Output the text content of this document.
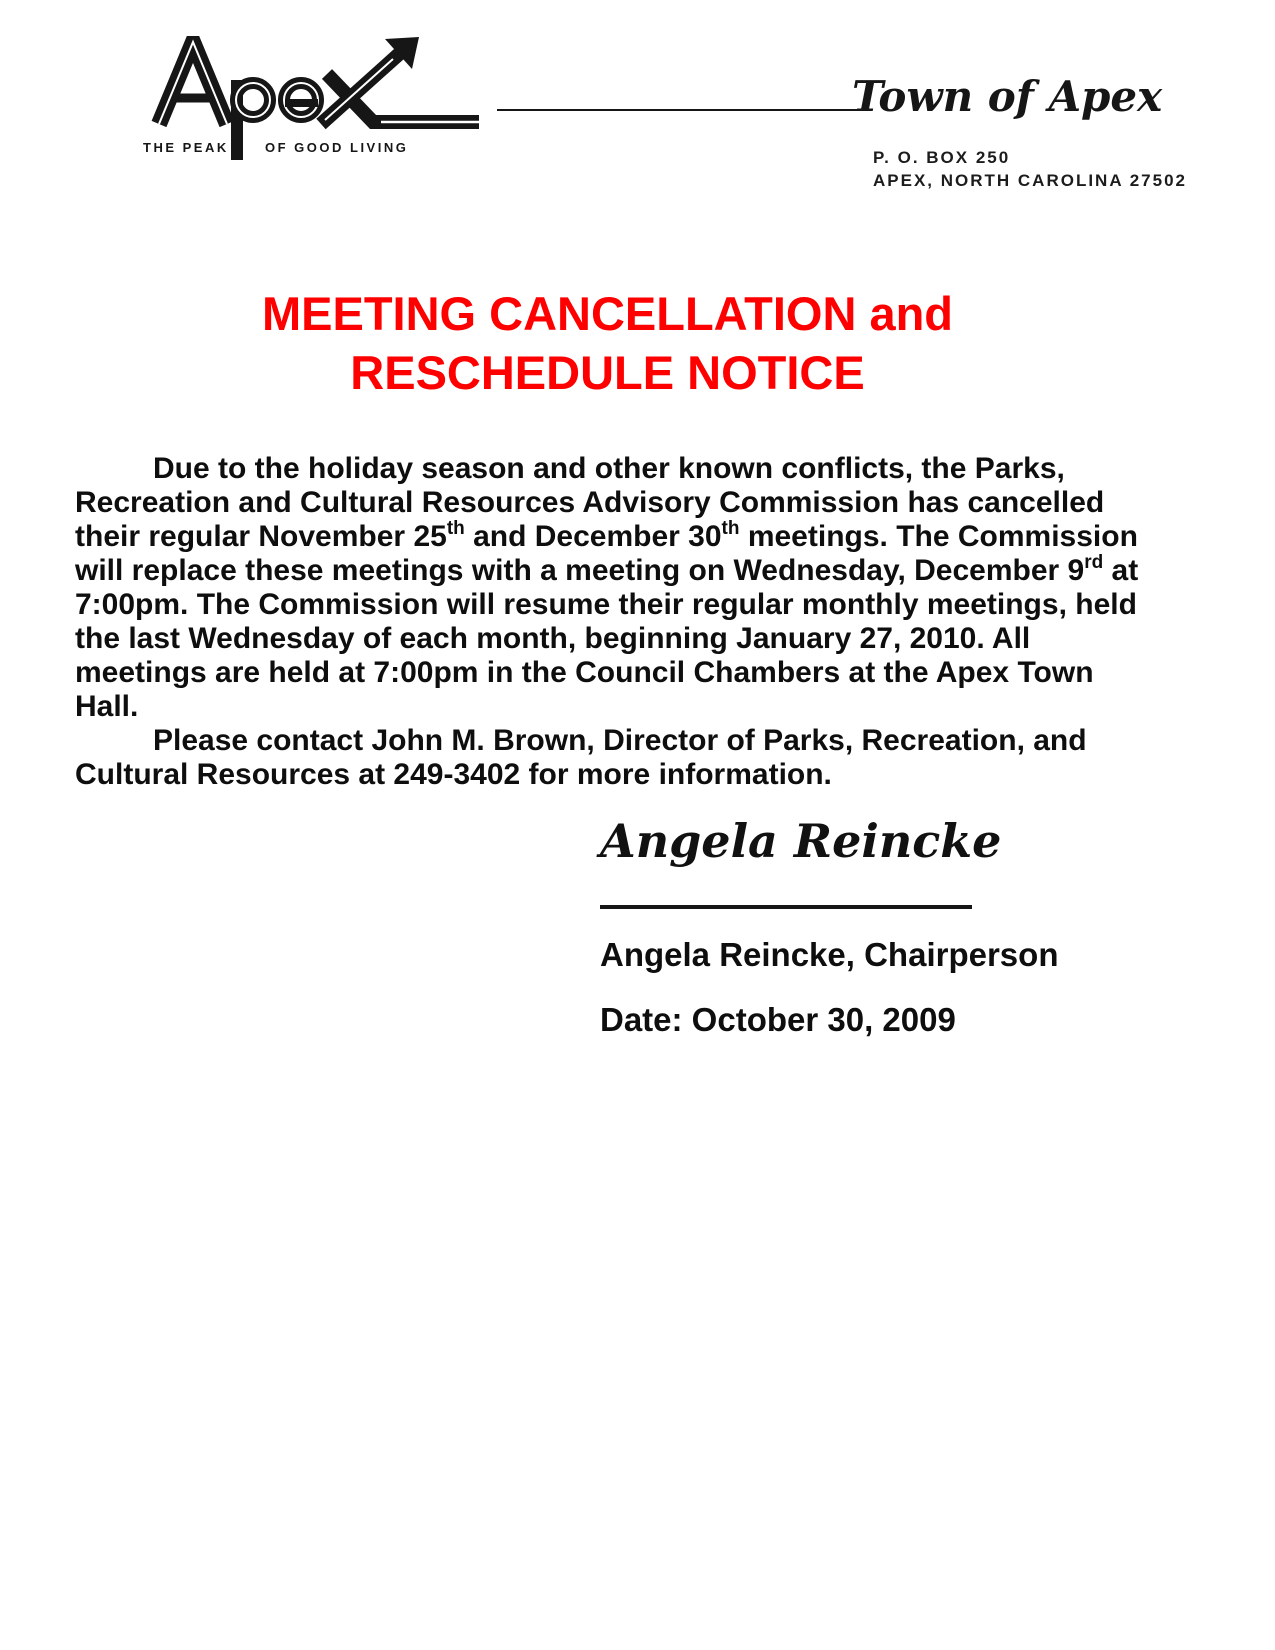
THE PEAK	OF GOOD LIVING
Town of Apex
P. O. BOX 250
APEX, NORTH CAROLINA 27502
MEETING CANCELLATION and
RESCHEDULE NOTICE

Due to the holiday season and other known conflicts, the Parks, Recreation and Cultural Resources Advisory Commission has cancelled their regular November 25th and December 30th meetings. The Commission will replace these meetings with a meeting on Wednesday, December 9rd at 7:00pm. The Commission will resume their regular monthly meetings, held the last Wednesday of each month, beginning January 27, 2010. All meetings are held at 7:00pm in the Council Chambers at the Apex Town Hall.

Please contact John M. Brown, Director of Parks, Recreation, and Cultural Resources at 249-3402 for more information.

Angela Reincke
Angela Reincke, Chairperson
Date: October 30, 2009
